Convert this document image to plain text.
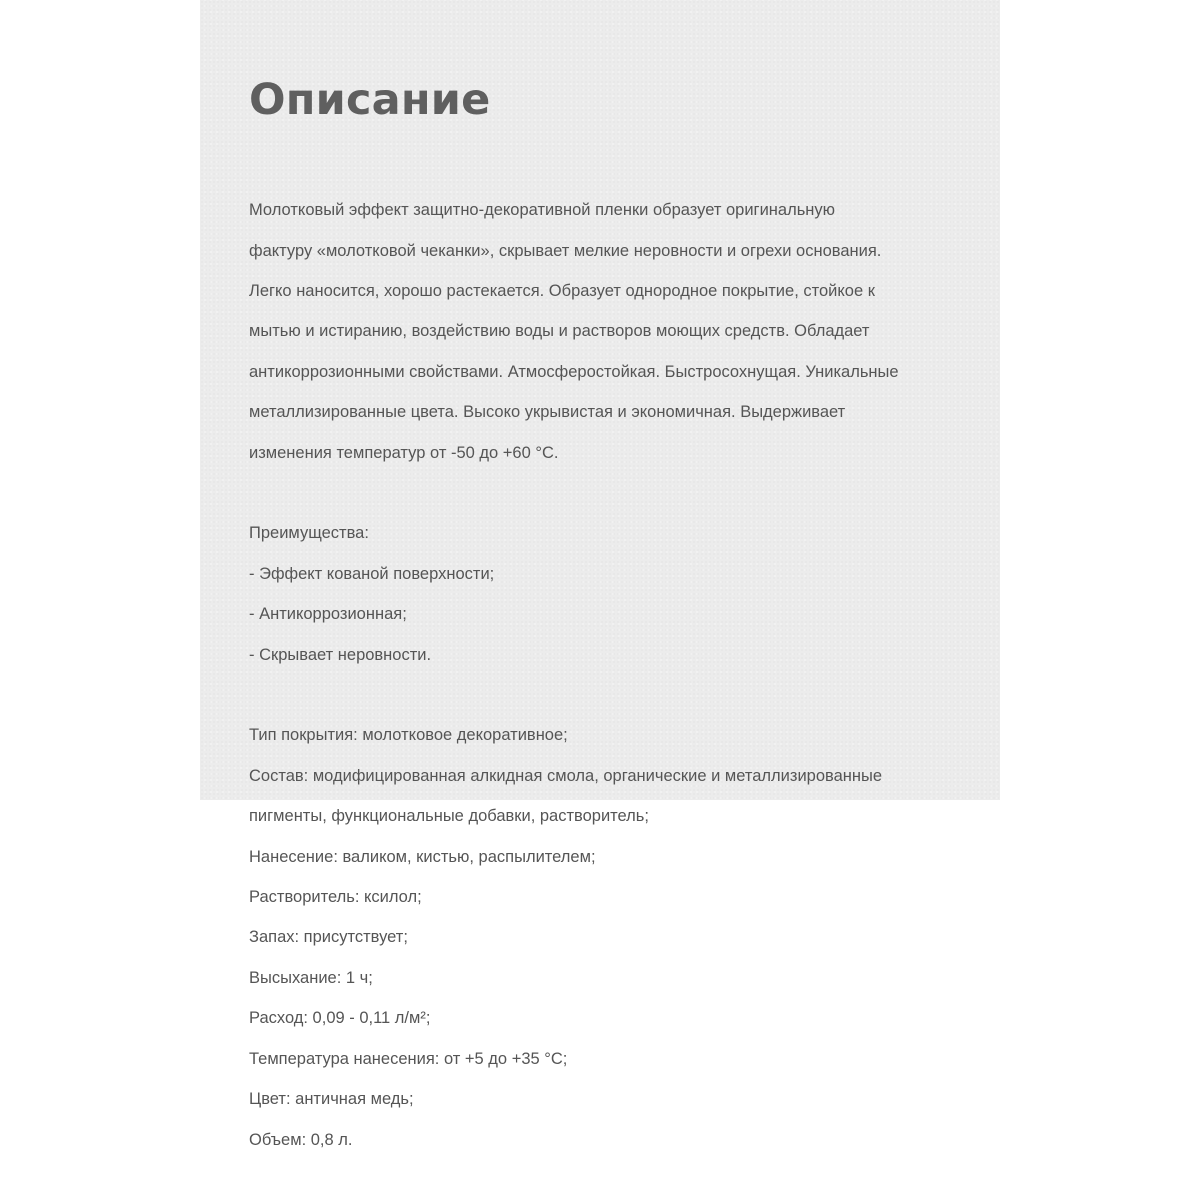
Описание

Молотковый эффект защитно-декоративной пленки образует оригинальную

фактуру «молотковой чеканки», скрывает мелкие неровности и огрехи основания.

Легко наносится, хорошо растекается. Образует однородное покрытие, стойкое к

мытью и истиранию, воздействию воды и растворов моющих средств. Обладает

антикоррозионными свойствами. Атмосферостойкая. Быстросохнущая. Уникальные

металлизированные цвета. Высоко укрывистая и экономичная. Выдерживает

изменения температур от -50 до +60 °С.

Преимущества:

- Эффект кованой поверхности;

- Антикоррозионная;

- Скрывает неровности.

Тип покрытия: молотковое декоративное;

Состав: модифицированная алкидная смола, органические и металлизированные

пигменты, функциональные добавки, растворитель;

Нанесение: валиком, кистью, распылителем;

Растворитель: ксилол;

Запах: присутствует;

Высыхание: 1 ч;

Расход: 0,09 - 0,11 л/м²;

Температура нанесения: от +5 до +35 °С;

Цвет: античная медь;

Объем: 0,8 л.
